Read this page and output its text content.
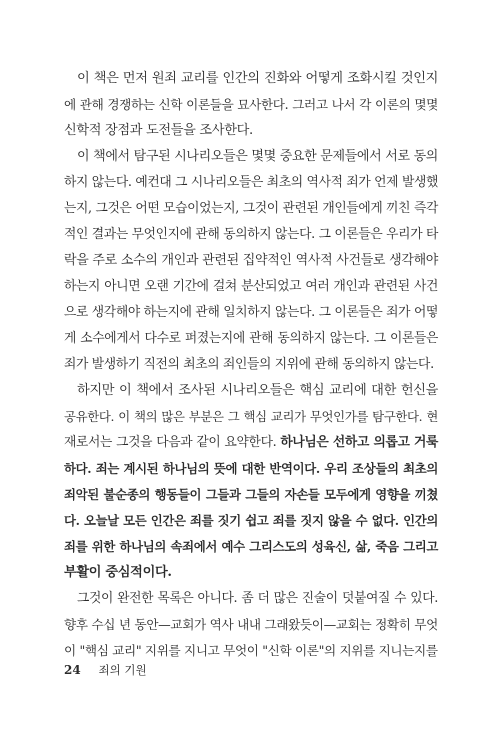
이 책은 먼저 원죄 교리를 인간의 진화와 어떻게 조화시킬 것인지
에 관해 경쟁하는 신학 이론들을 묘사한다. 그러고 나서 각 이론의 몇몇
신학적 장점과 도전들을 조사한다.
이 책에서 탐구된 시나리오들은 몇몇 중요한 문제들에서 서로 동의
하지 않는다. 예컨대 그 시나리오들은 최초의 역사적 죄가 언제 발생했
는지, 그것은 어떤 모습이었는지, 그것이 관련된 개인들에게 끼친 즉각
적인 결과는 무엇인지에 관해 동의하지 않는다. 그 이론들은 우리가 타
락을 주로 소수의 개인과 관련된 집약적인 역사적 사건들로 생각해야
하는지 아니면 오랜 기간에 걸쳐 분산되었고 여러 개인과 관련된 사건
으로 생각해야 하는지에 관해 일치하지 않는다. 그 이론들은 죄가 어떻
게 소수에게서 다수로 퍼졌는지에 관해 동의하지 않는다. 그 이론들은
죄가 발생하기 직전의 최초의 죄인들의 지위에 관해 동의하지 않는다.
하지만 이 책에서 조사된 시나리오들은 핵심 교리에 대한 헌신을
공유한다. 이 책의 많은 부분은 그 핵심 교리가 무엇인가를 탐구한다. 현
재로서는 그것을 다음과 같이 요약한다. 하나님은 선하고 의롭고 거룩
하다. 죄는 계시된 하나님의 뜻에 대한 반역이다. 우리 조상들의 최초의
죄악된 불순종의 행동들이 그들과 그들의 자손들 모두에게 영향을 끼쳤
다. 오늘날 모든 인간은 죄를 짓기 쉽고 죄를 짓지 않을 수 없다. 인간의
죄를 위한 하나님의 속죄에서 예수 그리스도의 성육신, 삶, 죽음 그리고
부활이 중심적이다.
그것이 완전한 목록은 아니다. 좀 더 많은 진술이 덧붙여질 수 있다.
향후 수십 년 동안—교회가 역사 내내 그래왔듯이—교회는 정확히 무엇
이 "핵심 교리" 지위를 지니고 무엇이 "신학 이론"의 지위를 지니는지를
24 죄의 기원
